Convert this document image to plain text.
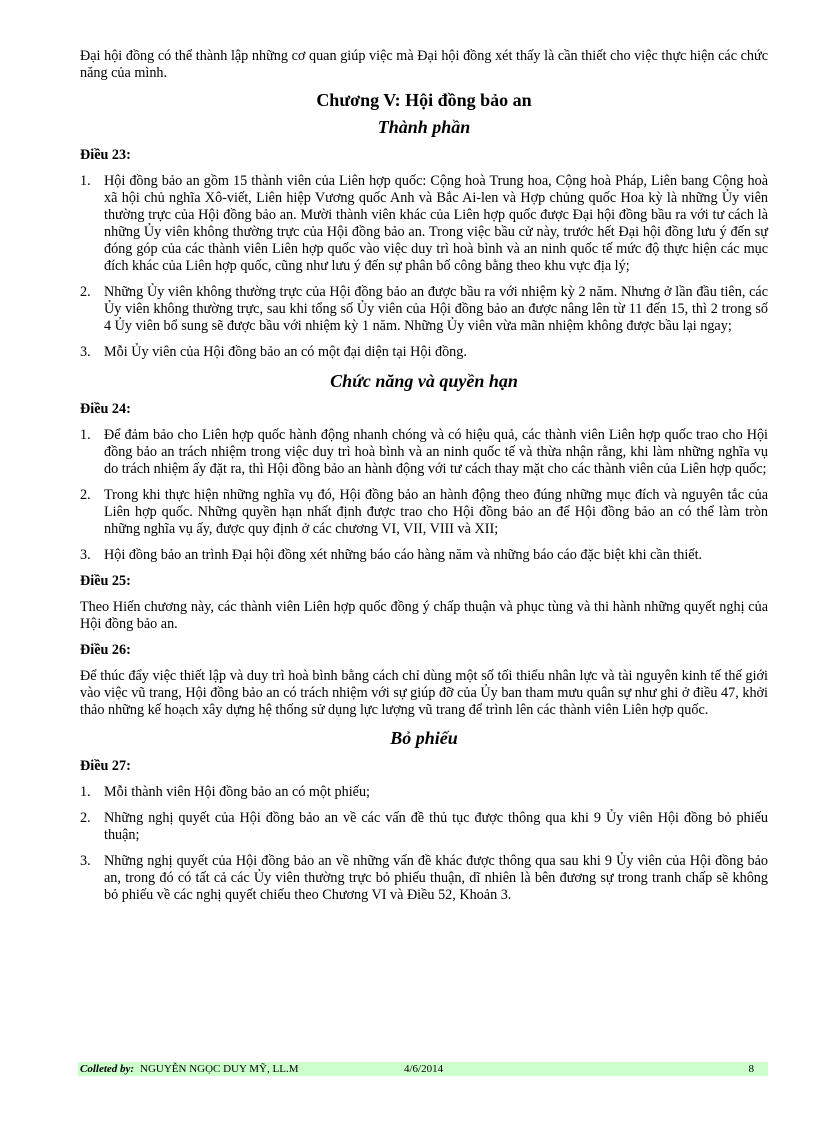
Đại hội đồng có thể thành lập những cơ quan giúp việc mà Đại hội đồng xét thấy là cần thiết cho việc thực hiện các chức năng của mình.

Chương V: Hội đồng bảo an
Thành phần
Điều 23:
1. Hội đồng bảo an gồm 15 thành viên của Liên hợp quốc: Cộng hoà Trung hoa, Cộng hoà Pháp, Liên bang Cộng hoà xã hội chủ nghĩa Xô-viết, Liên hiệp Vương quốc Anh và Bắc Ai-len và Hợp chủng quốc Hoa kỳ là những Ủy viên thường trực của Hội đồng bảo an. Mười thành viên khác của Liên hợp quốc được Đại hội đồng bầu ra với tư cách là những Ủy viên không thường trực của Hội đồng bảo an. Trong việc bầu cử này, trước hết Đại hội đồng lưu ý đến sự đóng góp của các thành viên Liên hợp quốc vào việc duy trì hoà bình và an ninh quốc tế mức độ thực hiện các mục đích khác của Liên hợp quốc, cũng như lưu ý đến sự phân bố công bằng theo khu vực địa lý;
2. Những Ủy viên không thường trực của Hội đồng bảo an được bầu ra với nhiệm kỳ 2 năm. Nhưng ở lần đầu tiên, các Ủy viên không thường trực, sau khi tổng số Ủy viên của Hội đồng bảo an được nâng lên từ 11 đến 15, thì 2 trong số 4 Ủy viên bổ sung sẽ được bầu với nhiệm kỳ 1 năm. Những Ủy viên vừa mãn nhiệm không được bầu lại ngay;
3. Mỗi Ủy viên của Hội đồng bảo an có một đại diện tại Hội đồng.
Chức năng và quyền hạn
Điều 24:
1. Để đảm bảo cho Liên hợp quốc hành động nhanh chóng và có hiệu quả, các thành viên Liên hợp quốc trao cho Hội đồng bảo an trách nhiệm trong việc duy trì hoà bình và an ninh quốc tế và thừa nhận rằng, khi làm những nghĩa vụ do trách nhiệm ấy đặt ra, thì Hội đồng bảo an hành động với tư cách thay mặt cho các thành viên của Liên hợp quốc;
2. Trong khi thực hiện những nghĩa vụ đó, Hội đồng bảo an hành động theo đúng những mục đích và nguyên tắc của Liên hợp quốc. Những quyền hạn nhất định được trao cho Hội đồng bảo an để Hội đồng bảo an có thể làm tròn những nghĩa vụ ấy, được quy định ở các chương VI, VII, VIII và XII;
3. Hội đồng bảo an trình Đại hội đồng xét những báo cáo hàng năm và những báo cáo đặc biệt khi cần thiết.
Điều 25:

Theo Hiến chương này, các thành viên Liên hợp quốc đồng ý chấp thuận và phục tùng và thi hành những quyết nghị của Hội đồng bảo an.

Điều 26:

Để thúc đẩy việc thiết lập và duy trì hoà bình bằng cách chỉ dùng một số tối thiểu nhân lực và tài nguyên kinh tế thế giới vào việc vũ trang, Hội đồng bảo an có trách nhiệm với sự giúp đỡ của Ủy ban tham mưu quân sự như ghi ở điều 47, khởi thảo những kế hoạch xây dựng hệ thống sử dụng lực lượng vũ trang để trình lên các thành viên Liên hợp quốc.

Bỏ phiếu
Điều 27:
1. Mỗi thành viên Hội đồng bảo an có một phiếu;
2. Những nghị quyết của Hội đồng bảo an về các vấn đề thủ tục được thông qua khi 9 Ủy viên Hội đồng bỏ phiếu thuận;
3. Những nghị quyết của Hội đồng bảo an về những vấn đề khác được thông qua sau khi 9 Ủy viên của Hội đồng bảo an, trong đó có tất cả các Ủy viên thường trực bỏ phiếu thuận, dĩ nhiên là bên đương sự trong tranh chấp sẽ không bỏ phiếu về các nghị quyết chiếu theo Chương VI và Điều 52, Khoản 3.
Colleted by: NGUYỄN NGỌC DUY MỸ, LL.M	4/6/2014	8
